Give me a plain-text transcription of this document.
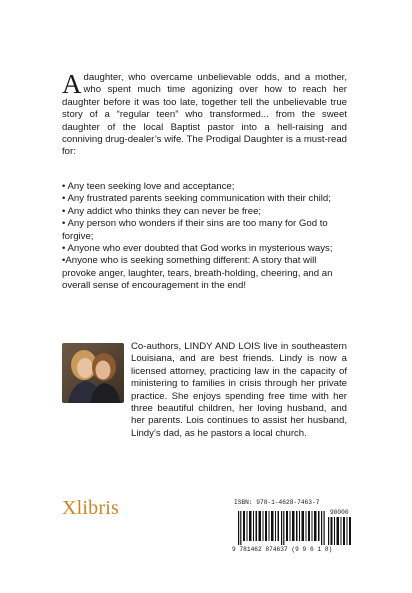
A daughter, who overcame unbelievable odds, and a mother, who spent much time agonizing over how to reach her daughter before it was too late, together tell the unbelievable true story of a “regular teen” who transformed... from the sweet daughter of the local Baptist pastor into a hell-raising and conniving drug-dealer’s wife. The Prodigal Daughter is a must-read for:
• Any teen seeking love and acceptance;
• Any frustrated parents seeking communication with their child;
• Any addict who thinks they can never be free;
• Any person who wonders if their sins are too many for God to forgive;
• Anyone who ever doubted that God works in mysterious ways;
•Anyone who is seeking something different: A story that will provoke anger, laughter, tears, breath-holding, cheering, and an overall sense of encouragement in the end!
Co-authors, LINDY AND LOIS live in southeastern Louisiana, and are best friends. Lindy is now a licensed attorney, practicing law in the capacity of ministering to families in crisis through her private practice. She enjoys spending free time with her three beautiful children, her loving husband, and her parents. Lois continues to assist her husband, Lindy’s dad, as he pastors a local church.
Xlibris	ISBN: 978-1-4628-7463-7
90000
9 781462 874637 (9 9 6 1 8)
